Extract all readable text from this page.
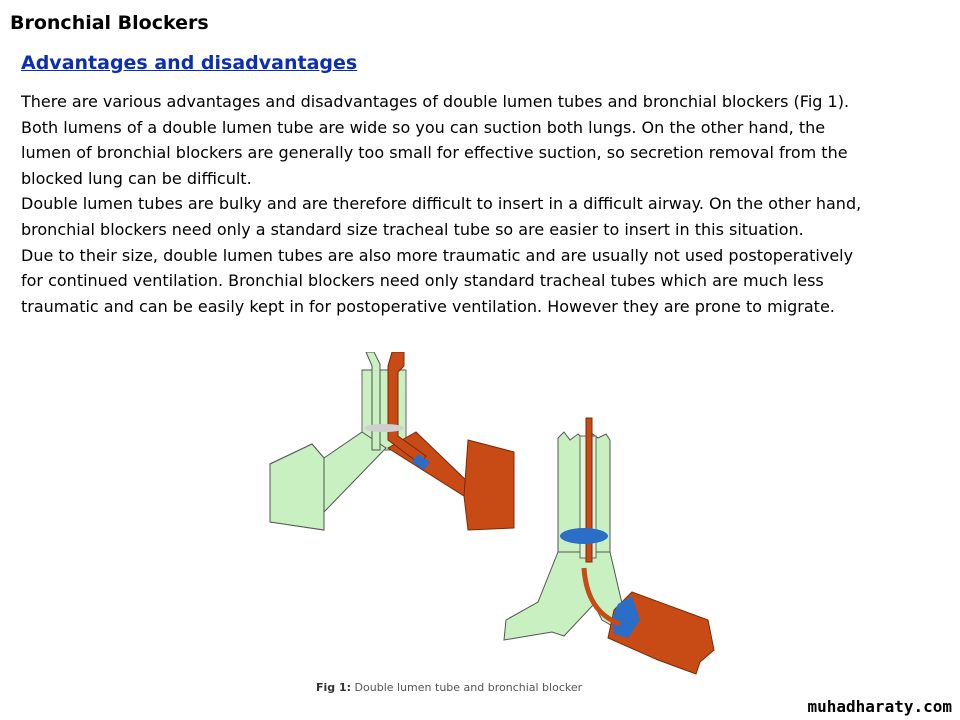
Bronchial Blockers
Advantages and disadvantages
There are various advantages and disadvantages of double lumen tubes and bronchial blockers (Fig 1).
Both lumens of a double lumen tube are wide so you can suction both lungs. On the other hand, the
lumen of bronchial blockers are generally too small for effective suction, so secretion removal from the
blocked lung can be difficult.
Double lumen tubes are bulky and are therefore difficult to insert in a difficult airway. On the other hand,
bronchial blockers need only a standard size tracheal tube so are easier to insert in this situation.
Due to their size, double lumen tubes are also more traumatic and are usually not used postoperatively
for continued ventilation. Bronchial blockers need only standard tracheal tubes which are much less
traumatic and can be easily kept in for postoperative ventilation. However they are prone to migrate.
Fig 1: Double lumen tube and bronchial blocker
muhadharaty.com
